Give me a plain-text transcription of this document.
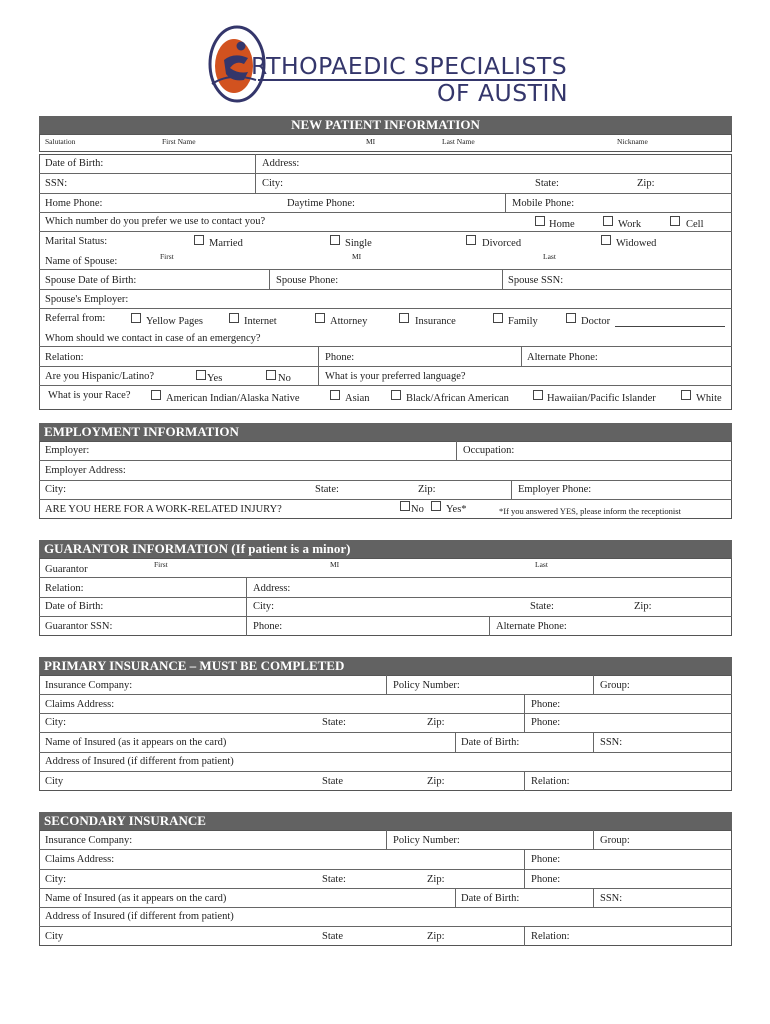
RTHOPAEDIC SPECIALISTS
OF AUSTIN
NEW PATIENT INFORMATION
Salutation	First Name	MI	Last Name	Nickname
Date of Birth:	Address:
SSN:	City:	State:	Zip:
Home Phone:	Daytime Phone:	Mobile Phone:
Which number do you prefer we use to contact you?	Home	Work	Cell
Marital Status:	Married	Single	Divorced	Widowed
First	MI	Last
Name of Spouse:
Spouse Date of Birth:	Spouse Phone:	Spouse SSN:
Spouse's Employer:
Referral from:	Yellow Pages	Internet	Attorney	Insurance	Family	Doctor
Whom should we contact in case of an emergency?
Relation:	Phone:	Alternate Phone:
Are you Hispanic/Latino?	Yes	No	What is your preferred language?
What is your Race?	American Indian/Alaska Native	Asian	Black/African American	Hawaiian/Pacific Islander	White
EMPLOYMENT INFORMATION
Employer:	Occupation:
Employer Address:
City:	State:	Zip:	Employer Phone:
ARE YOU HERE FOR A WORK-RELATED INJURY?	No Yes*	*If you answered YES, please inform the receptionist
GUARANTOR INFORMATION (If patient is a minor)
First	MI	Last
Guarantor
Relation:	Address:
Date of Birth:	City:	State:	Zip:
Guarantor SSN:	Phone:	Alternate Phone:
PRIMARY INSURANCE – MUST BE COMPLETED
Insurance Company:	Policy Number:	Group:
Claims Address:	Phone:
City:	State:	Zip:	Phone:
Name of Insured (as it appears on the card)	Date of Birth:	SSN:
Address of Insured (if different from patient)
City	State	Zip:	Relation:
SECONDARY INSURANCE
Insurance Company:	Policy Number:	Group:
Claims Address:	Phone:
City:	State:	Zip:	Phone:
Name of Insured (as it appears on the card)	Date of Birth:	SSN:
Address of Insured (if different from patient)
City	State	Zip:	Relation:
